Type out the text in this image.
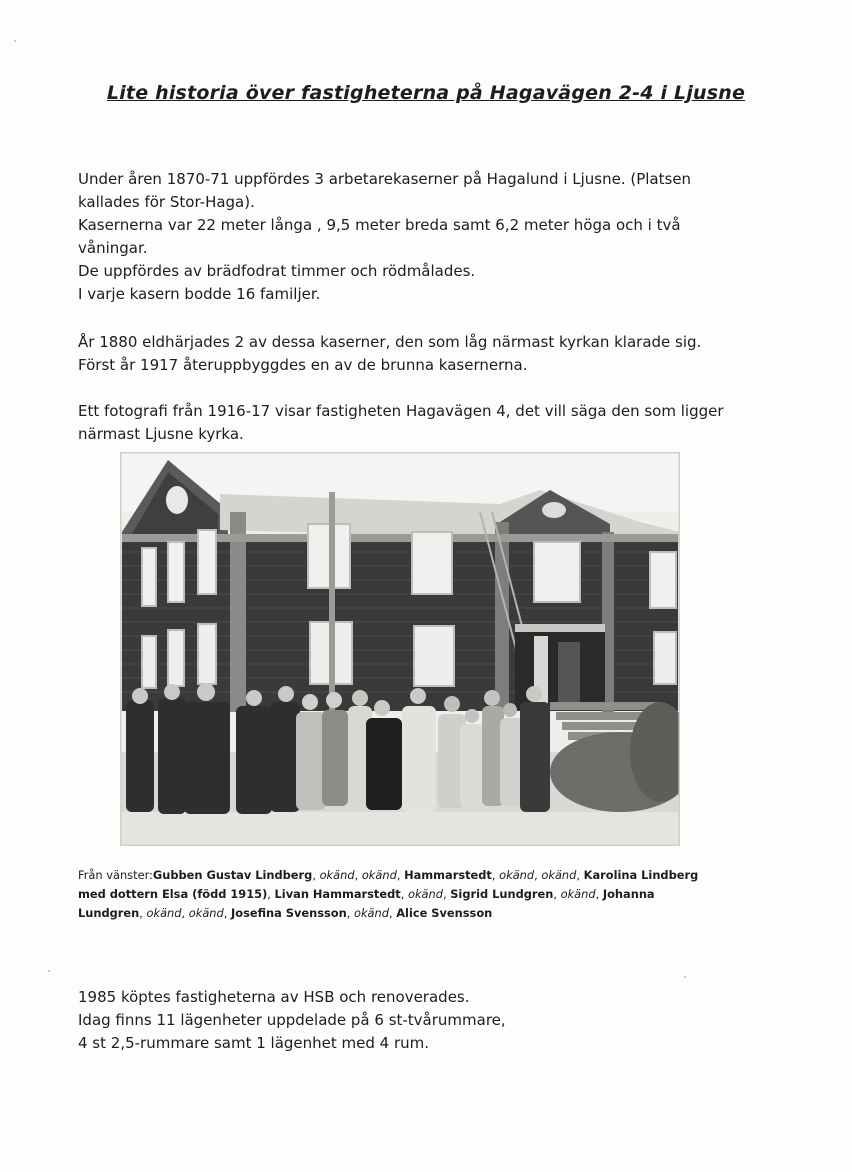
Lite historia över fastigheterna på Hagavägen 2-4 i Ljusne
Under åren 1870-71 uppfördes 3 arbetarekaserner på Hagalund i Ljusne. (Platsen
kallades för Stor-Haga).
Kasernerna var 22 meter långa , 9,5 meter breda samt 6,2 meter höga och i två
våningar.
De uppfördes av brädfodrat timmer och rödmålades.
I varje kasern bodde 16 familjer.
År 1880 eldhärjades 2 av dessa kaserner, den som låg närmast kyrkan klarade sig.
Först år 1917 återuppbyggdes en av de brunna kasernerna.
Ett fotografi från 1916-17 visar fastigheten Hagavägen 4, det vill säga den som ligger
närmast Ljusne kyrka.
Från vänster:Gubben Gustav Lindberg, okänd, okänd, Hammarstedt, okänd, okänd, Karolina Lindberg
med dottern Elsa (född 1915), Livan Hammarstedt, okänd, Sigrid Lundgren, okänd, Johanna
Lundgren, okänd, okänd, Josefina Svensson, okänd, Alice Svensson
1985 köptes fastigheterna av HSB och renoverades.
Idag finns 11 lägenheter uppdelade på 6 st-tvårummare,
4 st 2,5-rummare samt 1 lägenhet med 4 rum.
